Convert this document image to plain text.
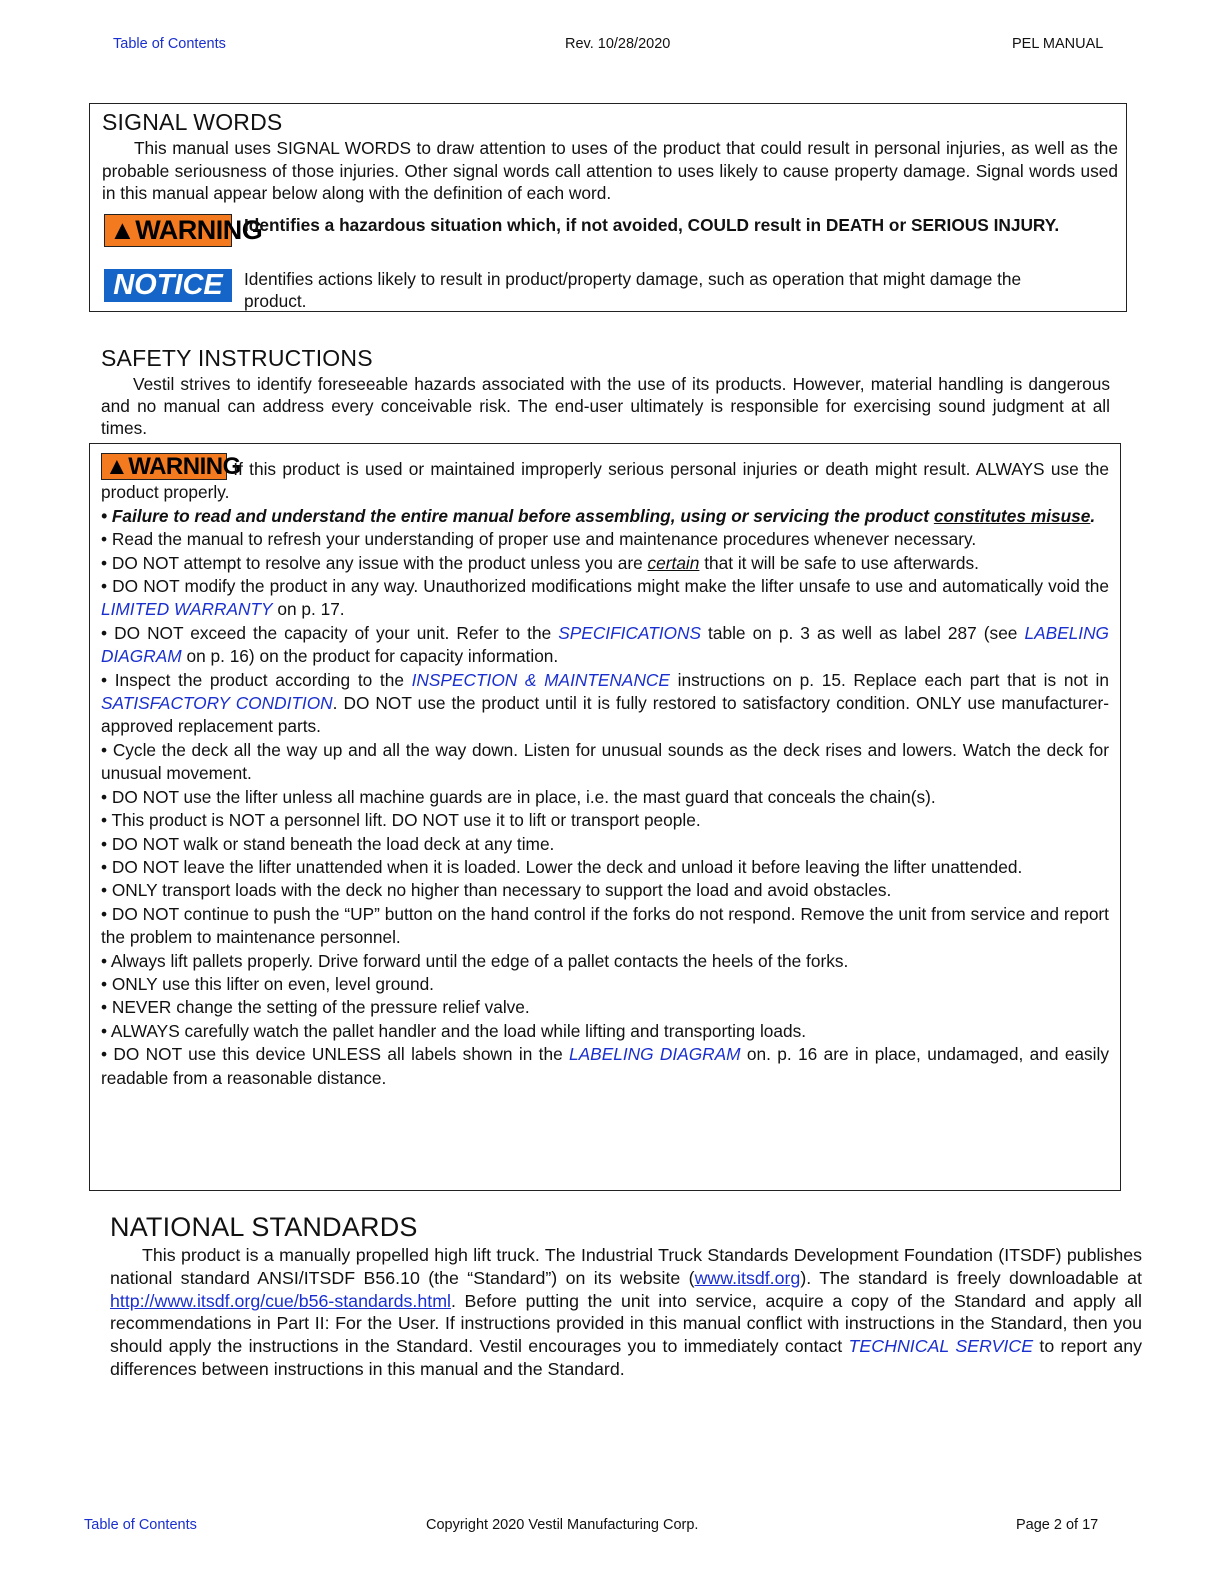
Table of Contents	Rev. 10/28/2020	PEL MANUAL
SIGNAL WORDS

This manual uses SIGNAL WORDS to draw attention to uses of the product that could result in personal injuries, as well as the probable seriousness of those injuries. Other signal words call attention to uses likely to cause property damage. Signal words used in this manual appear below along with the definition of each word.

▲WARNING
Identifies a hazardous situation which, if not avoided, COULD result in DEATH or SERIOUS INJURY.
NOTICE	Identifies actions likely to result in product/property damage, such as operation that might damage the product.
SAFETY INSTRUCTIONS

Vestil strives to identify foreseeable hazards associated with the use of its products. However, material handling is dangerous and no manual can address every conceivable risk. The end-user ultimately is responsible for exercising sound judgment at all times.

▲WARNING If this product is used or maintained improperly serious personal injuries or death might result. ALWAYS use the product properly.

• Failure to read and understand the entire manual before assembling, using or servicing the product constitutes misuse.

• Read the manual to refresh your understanding of proper use and maintenance procedures whenever necessary.

• DO NOT attempt to resolve any issue with the product unless you are certain that it will be safe to use afterwards.

• DO NOT modify the product in any way. Unauthorized modifications might make the lifter unsafe to use and automatically void the LIMITED WARRANTY on p. 17.

• DO NOT exceed the capacity of your unit. Refer to the SPECIFICATIONS table on p. 3 as well as label 287 (see LABELING DIAGRAM on p. 16) on the product for capacity information.

• Inspect the product according to the INSPECTION & MAINTENANCE instructions on p. 15. Replace each part that is not in SATISFACTORY CONDITION. DO NOT use the product until it is fully restored to satisfactory condition. ONLY use manufacturer-approved replacement parts.

• Cycle the deck all the way up and all the way down. Listen for unusual sounds as the deck rises and lowers. Watch the deck for unusual movement.

• DO NOT use the lifter unless all machine guards are in place, i.e. the mast guard that conceals the chain(s).

• This product is NOT a personnel lift. DO NOT use it to lift or transport people.

• DO NOT walk or stand beneath the load deck at any time.

• DO NOT leave the lifter unattended when it is loaded. Lower the deck and unload it before leaving the lifter unattended.

• ONLY transport loads with the deck no higher than necessary to support the load and avoid obstacles.

• DO NOT continue to push the “UP” button on the hand control if the forks do not respond. Remove the unit from service and report the problem to maintenance personnel.

• Always lift pallets properly. Drive forward until the edge of a pallet contacts the heels of the forks.

• ONLY use this lifter on even, level ground.

• NEVER change the setting of the pressure relief valve.

• ALWAYS carefully watch the pallet handler and the load while lifting and transporting loads.

• DO NOT use this device UNLESS all labels shown in the LABELING DIAGRAM on. p. 16 are in place, undamaged, and easily readable from a reasonable distance.

NATIONAL STANDARDS

This product is a manually propelled high lift truck. The Industrial Truck Standards Development Foundation (ITSDF) publishes national standard ANSI/ITSDF B56.10 (the “Standard”) on its website (www.itsdf.org). The standard is freely downloadable at http://www.itsdf.org/cue/b56-standards.html. Before putting the unit into service, acquire a copy of the Standard and apply all recommendations in Part II: For the User. If instructions provided in this manual conflict with instructions in the Standard, then you should apply the instructions in the Standard. Vestil encourages you to immediately contact TECHNICAL SERVICE to report any differences between instructions in this manual and the Standard.

Table of Contents	Copyright 2020 Vestil Manufacturing Corp.	Page 2 of 17
